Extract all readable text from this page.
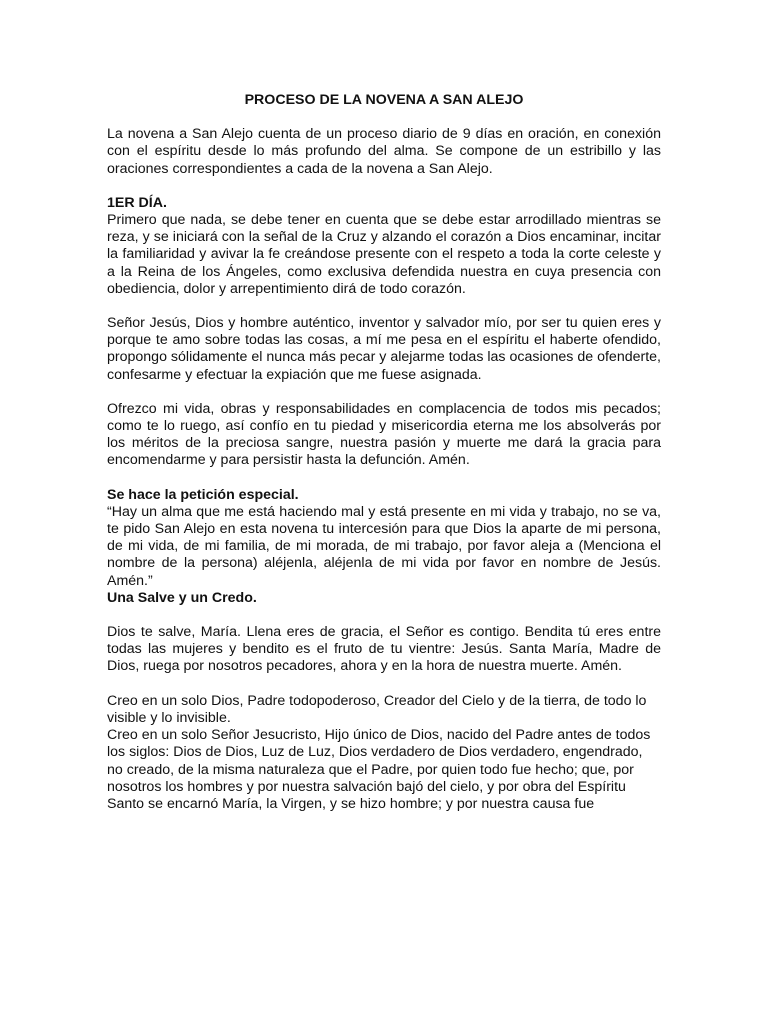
PROCESO DE LA NOVENA A SAN ALEJO
La novena a San Alejo cuenta de un proceso diario de 9 días en oración, en conexión con el espíritu desde lo más profundo del alma. Se compone de un estribillo y las oraciones correspondientes a cada de la novena a San Alejo.
1ER DÍA.
Primero que nada, se debe tener en cuenta que se debe estar arrodillado mientras se reza, y se iniciará con la señal de la Cruz y alzando el corazón a Dios encaminar, incitar la familiaridad y avivar la fe creándose presente con el respeto a toda la corte celeste y a la Reina de los Ángeles, como exclusiva defendida nuestra en cuya presencia con obediencia, dolor y arrepentimiento dirá de todo corazón.
Señor Jesús, Dios y hombre auténtico, inventor y salvador mío, por ser tu quien eres y porque te amo sobre todas las cosas, a mí me pesa en el espíritu el haberte ofendido, propongo sólidamente el nunca más pecar y alejarme todas las ocasiones de ofenderte, confesarme y efectuar la expiación que me fuese asignada.
Ofrezco mi vida, obras y responsabilidades en complacencia de todos mis pecados; como te lo ruego, así confío en tu piedad y misericordia eterna me los absolverás por los méritos de la preciosa sangre, nuestra pasión y muerte me dará la gracia para encomendarme y para persistir hasta la defunción. Amén.
Se hace la petición especial.
“Hay un alma que me está haciendo mal y está presente en mi vida y trabajo, no se va, te pido San Alejo en esta novena tu intercesión para que Dios la aparte de mi persona, de mi vida, de mi familia, de mi morada, de mi trabajo, por favor aleja a (Menciona el nombre de la persona) aléjenla, aléjenla de mi vida por favor en nombre de Jesús. Amén.”
Una Salve y un Credo.
Dios te salve, María. Llena eres de gracia, el Señor es contigo. Bendita tú eres entre todas las mujeres y bendito es el fruto de tu vientre: Jesús. Santa María, Madre de Dios, ruega por nosotros pecadores, ahora y en la hora de nuestra muerte. Amén.
Creo en un solo Dios, Padre todopoderoso, Creador del Cielo y de la tierra, de todo lo visible y lo invisible.
Creo en un solo Señor Jesucristo, Hijo único de Dios, nacido del Padre antes de todos los siglos: Dios de Dios, Luz de Luz, Dios verdadero de Dios verdadero, engendrado,
no creado, de la misma naturaleza que el Padre, por quien todo fue hecho; que, por
nosotros los hombres y por nuestra salvación bajó del cielo, y por obra del Espíritu
Santo se encarnó María, la Virgen, y se hizo hombre; y por nuestra causa fue
